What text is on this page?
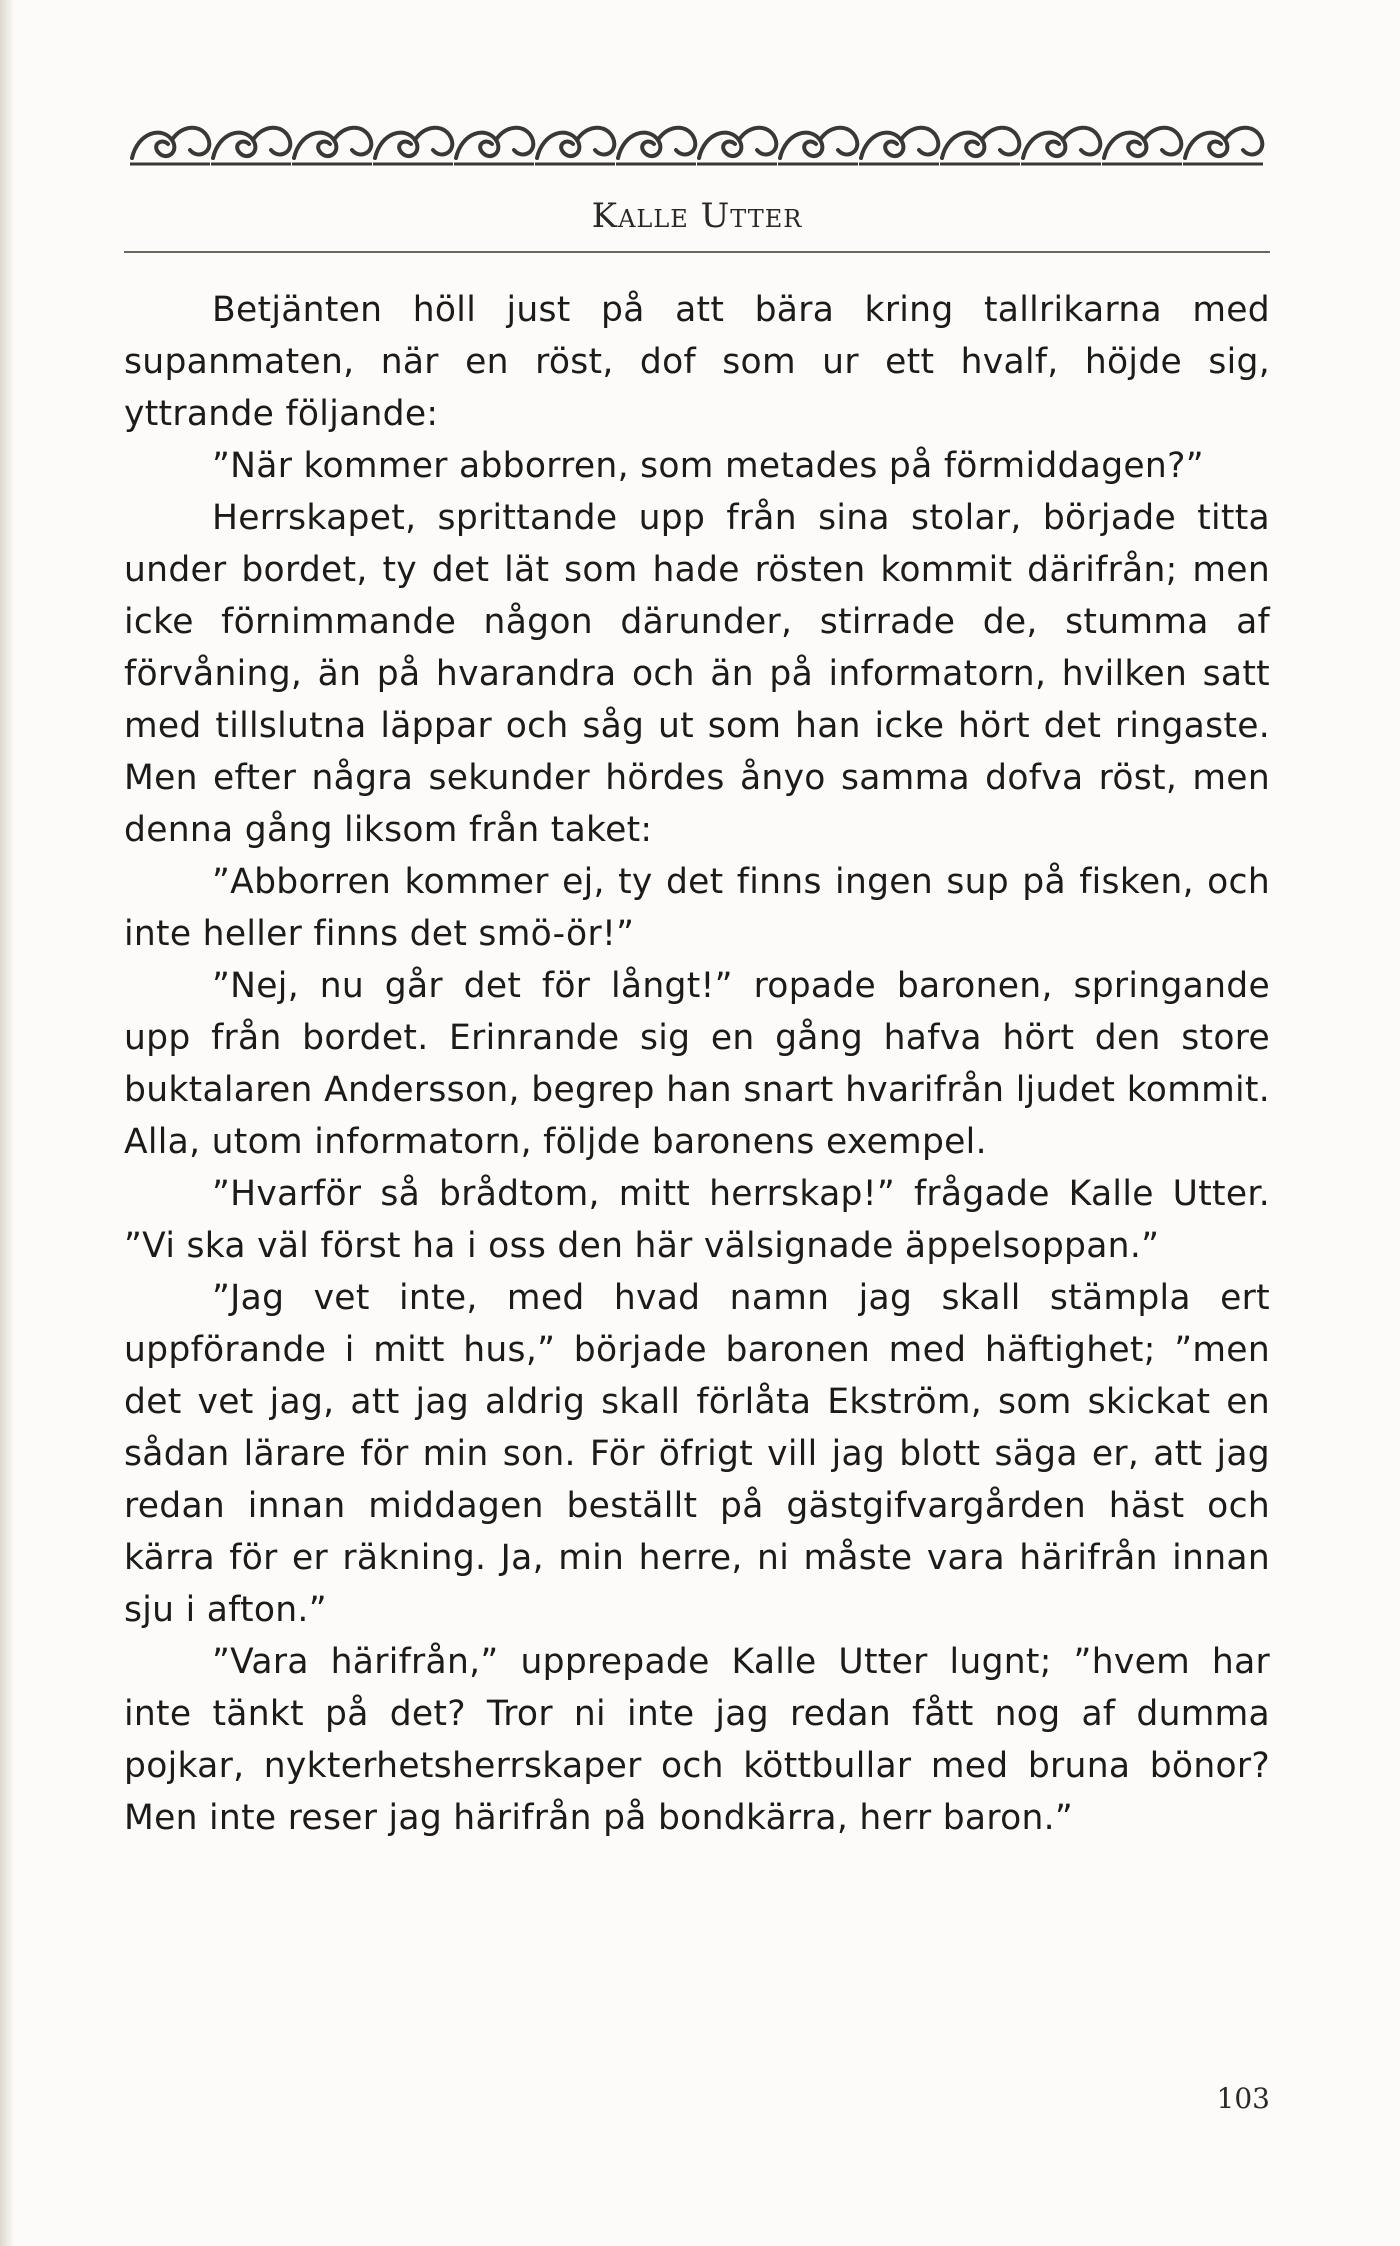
Kalle Utter

Betjänten höll just på att bära kring tallrikarna med supanmaten, när en röst, dof som ur ett hvalf, höjde sig, yttrande följande:

”När kommer abborren, som metades på förmiddagen?”

Herrskapet, sprittande upp från sina stolar, började titta under bordet, ty det lät som hade rösten kommit därifrån; men icke förnimmande någon därunder, stirrade de, stumma af förvåning, än på hvarandra och än på informatorn, hvilken satt med tillslutna läppar och såg ut som han icke hört det ringaste. Men efter några sekunder hördes ånyo samma dofva röst, men denna gång liksom från taket:

”Abborren kommer ej, ty det finns ingen sup på fisken, och inte heller finns det smö-ör!”

”Nej, nu går det för långt!” ropade baronen, springande upp från bordet. Erinrande sig en gång hafva hört den store buktalaren Andersson, begrep han snart hvarifrån ljudet kommit. Alla, utom informatorn, följde baronens exempel.

”Hvarför så brådtom, mitt herrskap!” frågade Kalle Utter. ”Vi ska väl först ha i oss den här välsignade äppelsoppan.”

”Jag vet inte, med hvad namn jag skall stämpla ert uppförande i mitt hus,” började baronen med häftighet; ”men det vet jag, att jag aldrig skall förlåta Ekström, som skickat en sådan lärare för min son. För öfrigt vill jag blott säga er, att jag redan innan middagen beställt på gästgifvargården häst och kärra för er räkning. Ja, min herre, ni måste vara härifrån innan sju i afton.”

”Vara härifrån,” upprepade Kalle Utter lugnt; ”hvem har inte tänkt på det? Tror ni inte jag redan fått nog af dumma pojkar, nykterhetsherrskaper och köttbullar med bruna bönor? Men inte reser jag härifrån på bondkärra, herr baron.”

103
